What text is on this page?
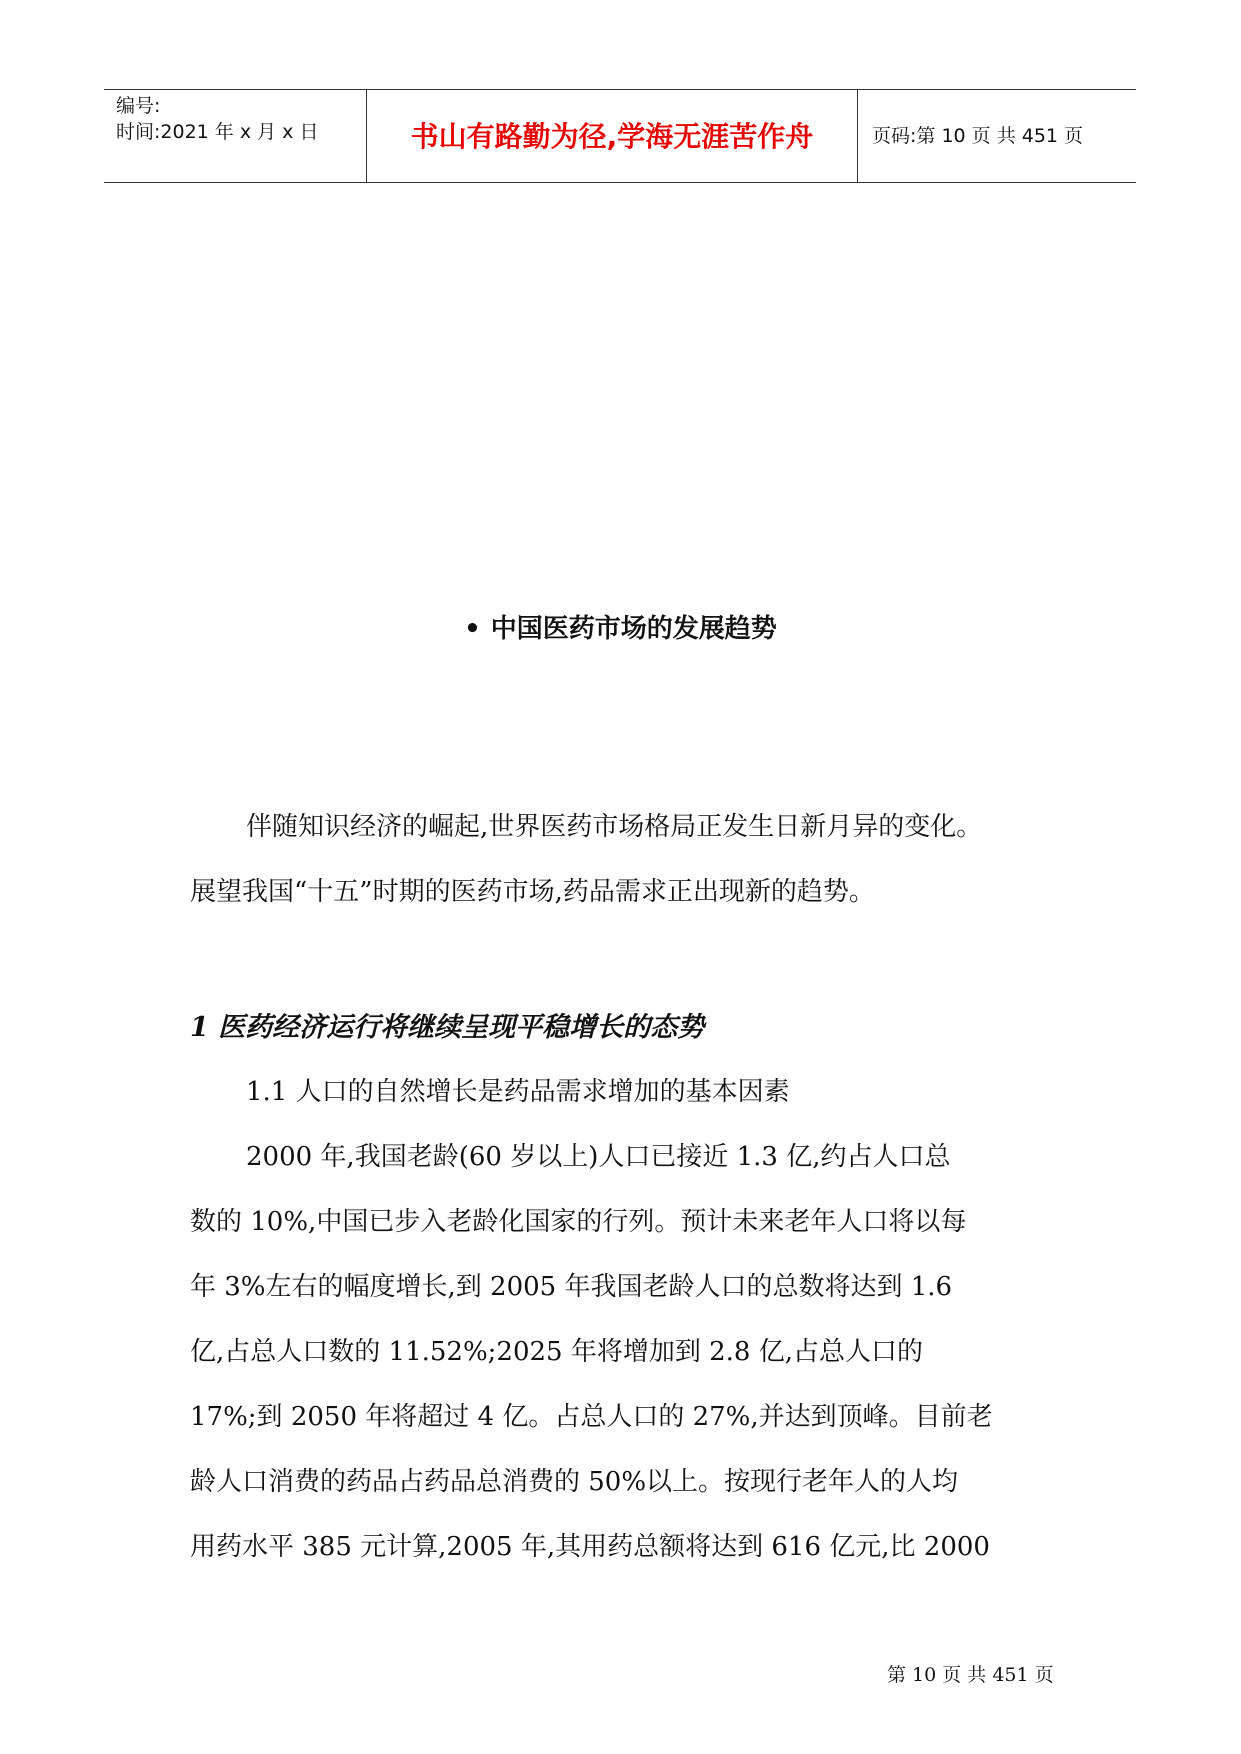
编号:
时间:2021 年 x 月 x 日	书山有路勤为径,学海无涯苦作舟	页码:第 10 页 共 451 页
• 中国医药市场的发展趋势
伴随知识经济的崛起,世界医药市场格局正发生日新月异的变化。
展望我国“十五”时期的医药市场,药品需求正出现新的趋势。
1 医药经济运行将继续呈现平稳增长的态势
1.1 人口的自然增长是药品需求增加的基本因素
2000 年,我国老龄(60 岁以上)人口已接近 1.3 亿,约占人口总
数的 10%,中国已步入老龄化国家的行列。预计未来老年人口将以每
年 3%左右的幅度增长,到 2005 年我国老龄人口的总数将达到 1.6
亿,占总人口数的 11.52%;2025 年将增加到 2.8 亿,占总人口的
17%;到 2050 年将超过 4 亿。占总人口的 27%,并达到顶峰。目前老
龄人口消费的药品占药品总消费的 50%以上。按现行老年人的人均
用药水平 385 元计算,2005 年,其用药总额将达到 616 亿元,比 2000
第 10 页 共 451 页
